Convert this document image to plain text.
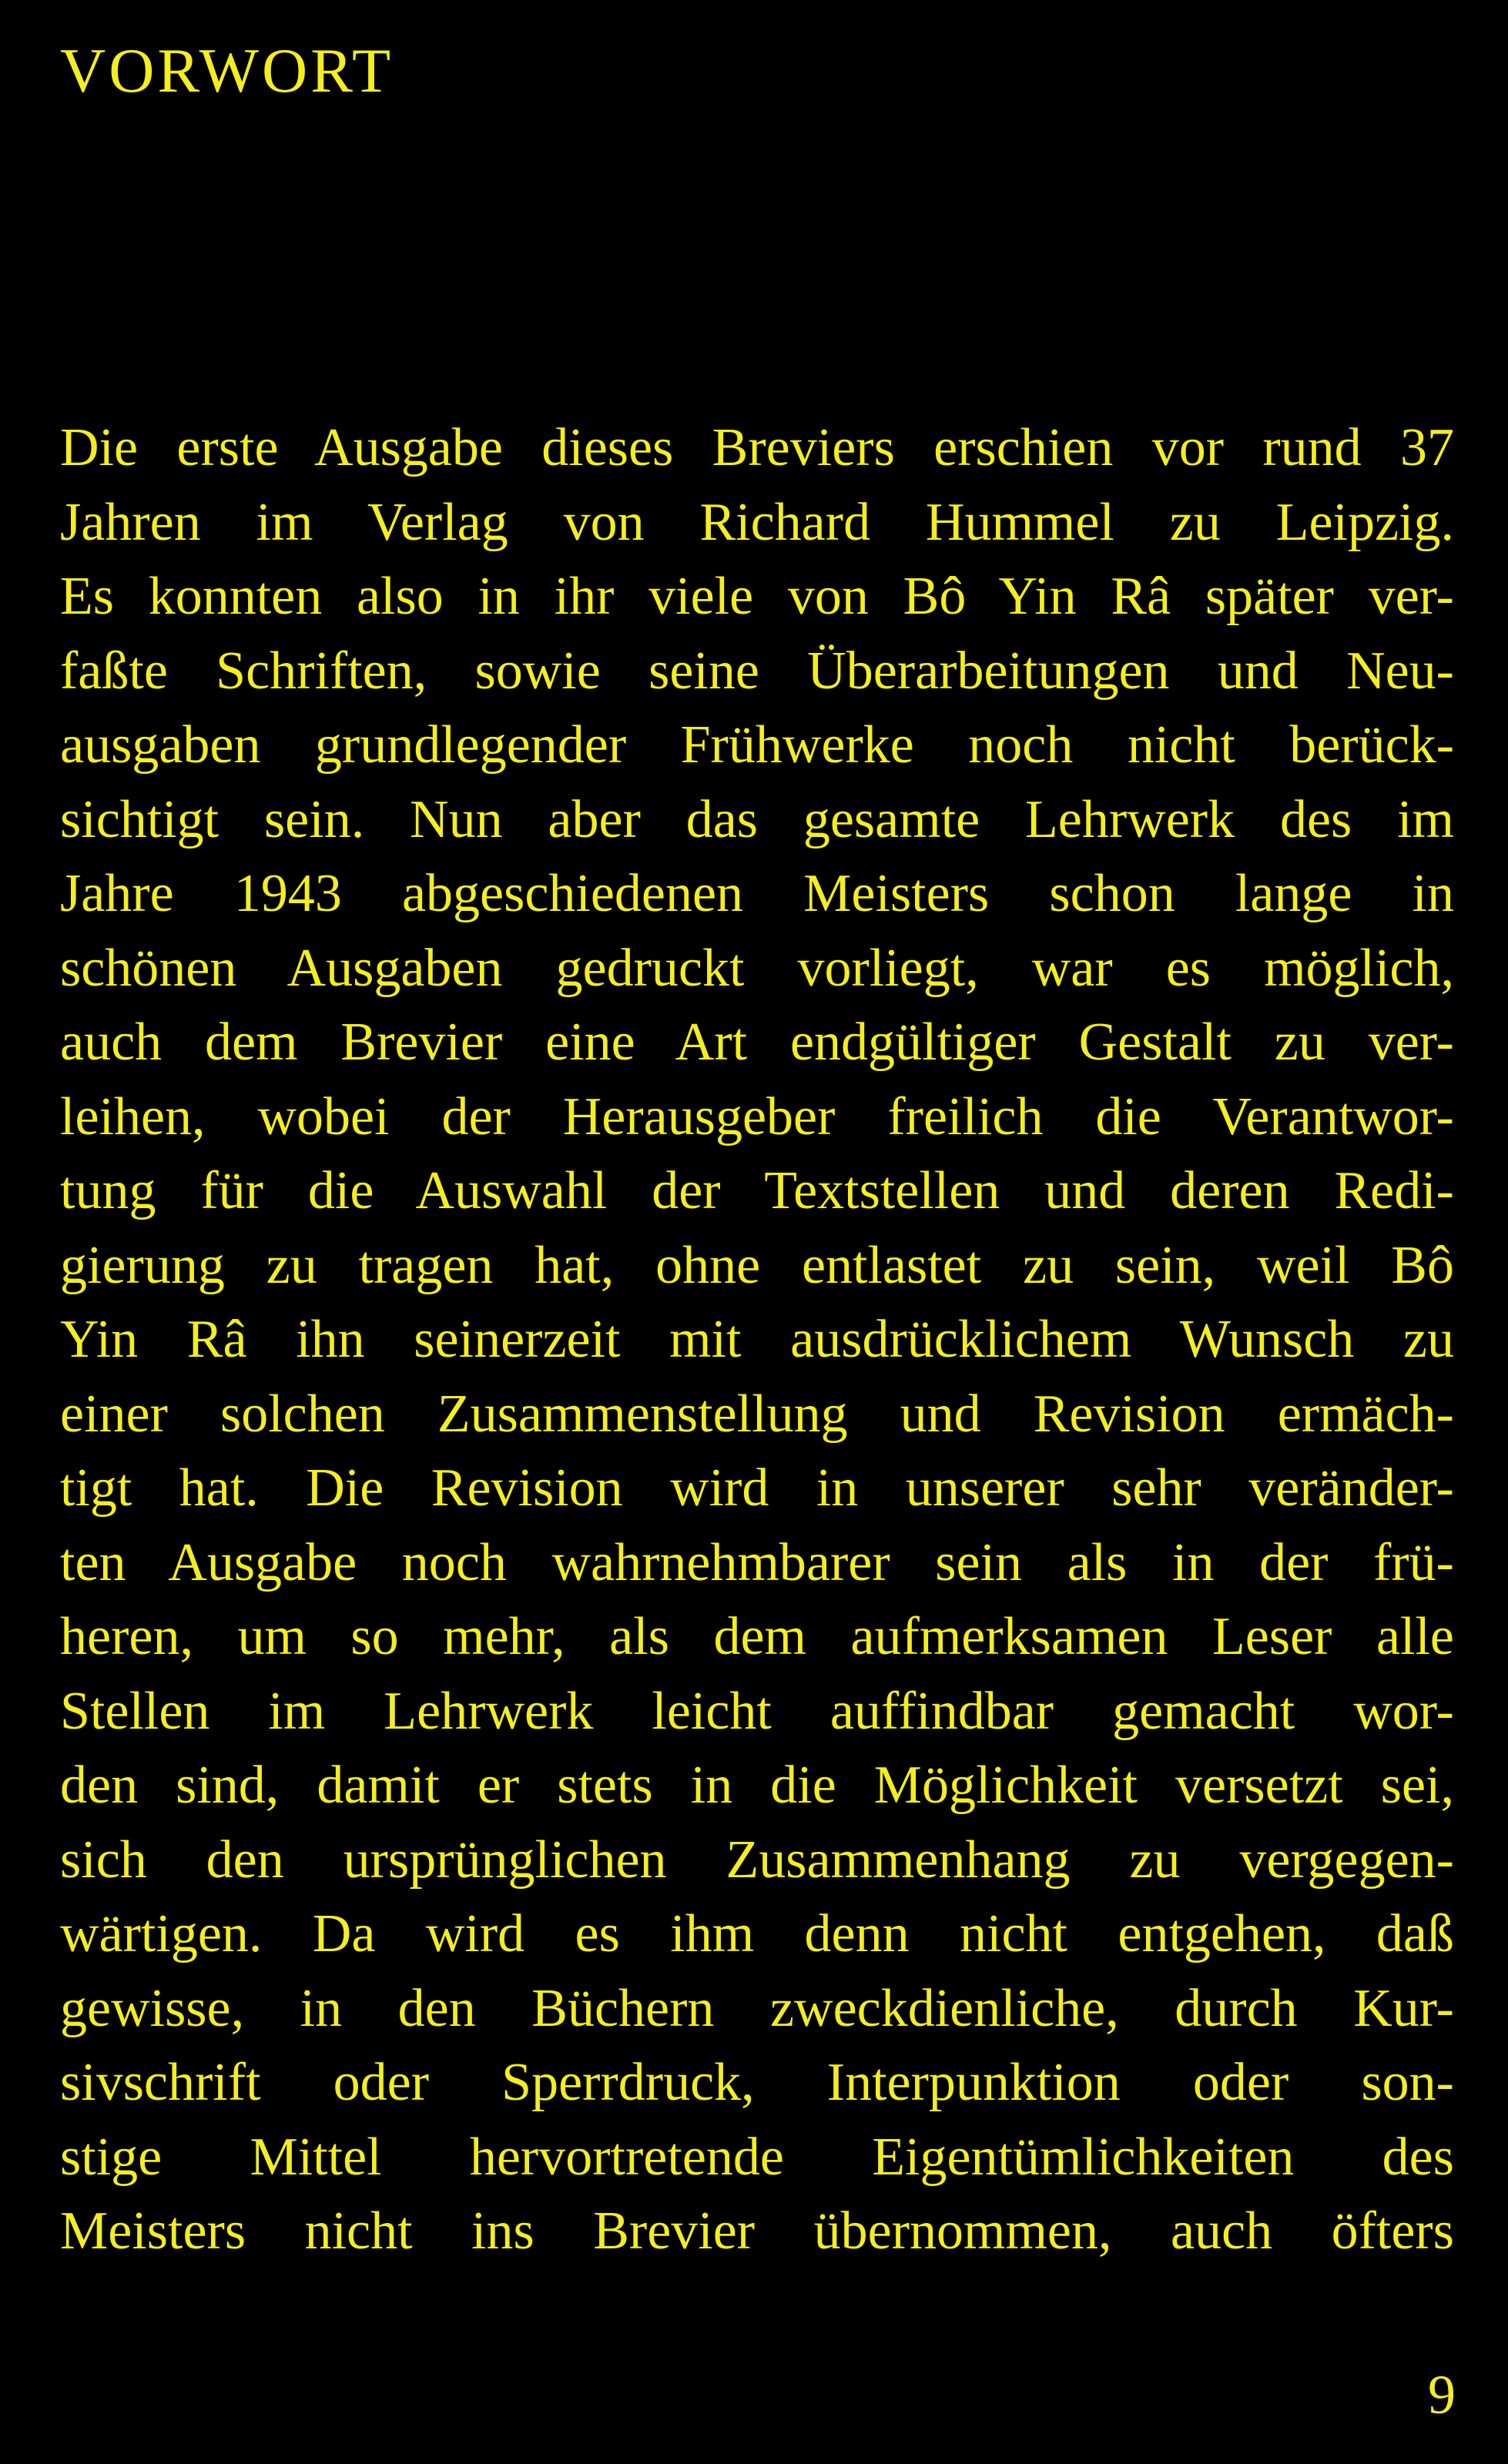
VORWORT
Die erste Ausgabe dieses Breviers erschien vor rund 37
Jahren im Verlag von Richard Hummel zu Leipzig.
Es konnten also in ihr viele von Bô Yin Râ später ver-
faßte Schriften, sowie seine Überarbeitungen und Neu-
ausgaben grundlegender Frühwerke noch nicht berück-
sichtigt sein. Nun aber das gesamte Lehrwerk des im
Jahre 1943 abgeschiedenen Meisters schon lange in
schönen Ausgaben gedruckt vorliegt, war es möglich,
auch dem Brevier eine Art endgültiger Gestalt zu ver-
leihen, wobei der Herausgeber freilich die Verantwor-
tung für die Auswahl der Textstellen und deren Redi-
gierung zu tragen hat, ohne entlastet zu sein, weil Bô
Yin Râ ihn seinerzeit mit ausdrücklichem Wunsch zu
einer solchen Zusammenstellung und Revision ermäch-
tigt hat. Die Revision wird in unserer sehr veränder-
ten Ausgabe noch wahrnehmbarer sein als in der frü-
heren, um so mehr, als dem aufmerksamen Leser alle
Stellen im Lehrwerk leicht auffindbar gemacht wor-
den sind, damit er stets in die Möglichkeit versetzt sei,
sich den ursprünglichen Zusammenhang zu vergegen-
wärtigen. Da wird es ihm denn nicht entgehen, daß
gewisse, in den Büchern zweckdienliche, durch Kur-
sivschrift oder Sperrdruck, Interpunktion oder son-
stige Mittel hervortretende Eigentümlichkeiten des
Meisters nicht ins Brevier übernommen, auch öfters

9
